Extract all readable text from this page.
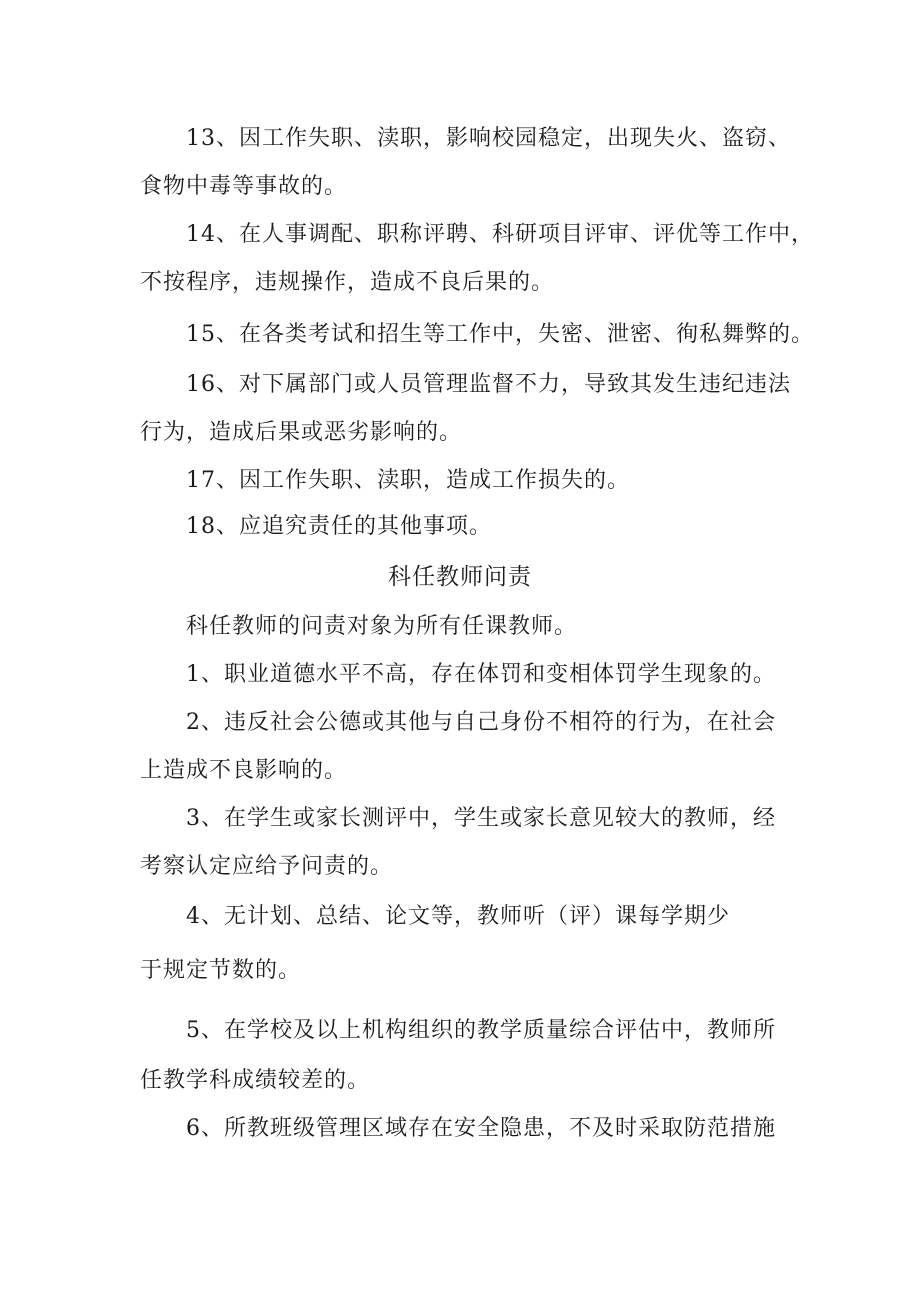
13、因工作失职、渎职，影响校园稳定，出现失火、盗窃、
食物中毒等事故的。
14、在人事调配、职称评聘、科研项目评审、评优等工作中，
不按程序，违规操作，造成不良后果的。
15、在各类考试和招生等工作中，失密、泄密、徇私舞弊的。
16、对下属部门或人员管理监督不力，导致其发生违纪违法
行为，造成后果或恶劣影响的。
17、因工作失职、渎职，造成工作损失的。
18、应追究责任的其他事项。
科任教师问责
科任教师的问责对象为所有任课教师。
1、职业道德水平不高，存在体罚和变相体罚学生现象的。
2、违反社会公德或其他与自己身份不相符的行为，在社会
上造成不良影响的。
3、在学生或家长测评中，学生或家长意见较大的教师，经
考察认定应给予问责的。
4、无计划、总结、论文等，教师听（评）课每学期少
于规定节数的。
5、在学校及以上机构组织的教学质量综合评估中，教师所
任教学科成绩较差的。
6、所教班级管理区域存在安全隐患，不及时采取防范措施
